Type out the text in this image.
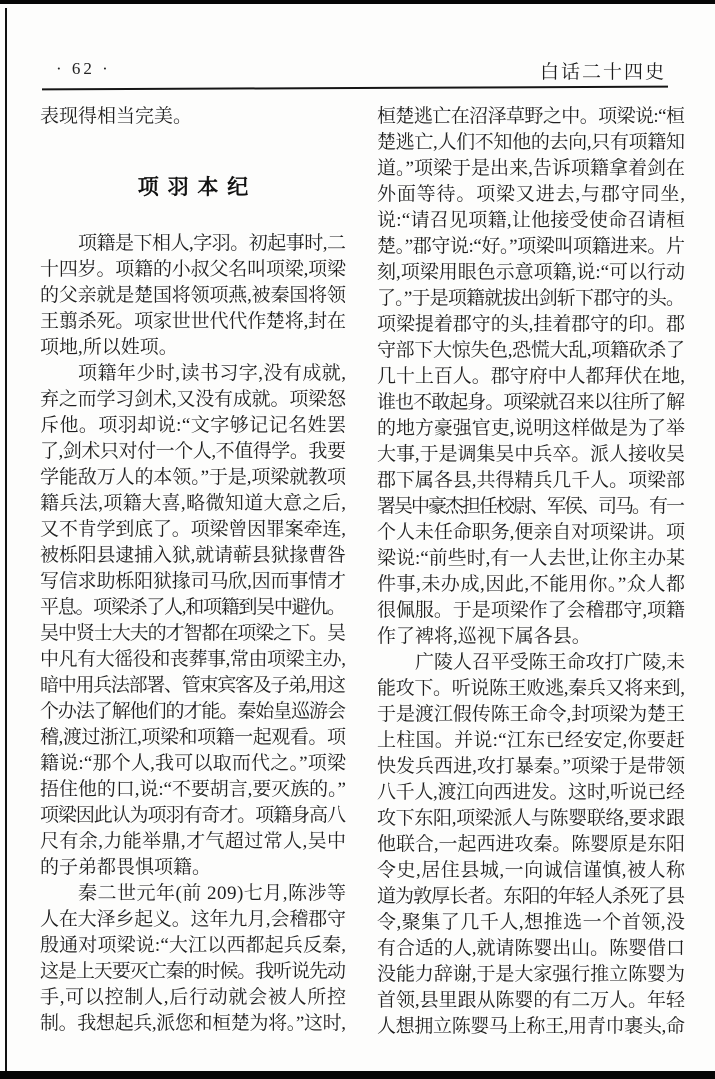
· 62 ·	白话二十四史
表现得相当完美。
项羽本纪
项籍是下相人,字羽。初起事时,二
十四岁。项籍的小叔父名叫项梁,项梁
的父亲就是楚国将领项燕,被秦国将领
王翦杀死。项家世世代代作楚将,封在
项地,所以姓项。
项籍年少时,读书习字,没有成就,
弃之而学习剑术,又没有成就。项梁怒
斥他。项羽却说:“文字够记记名姓罢
了,剑术只对付一个人,不值得学。我要
学能敌万人的本领。”于是,项梁就教项
籍兵法,项籍大喜,略微知道大意之后,
又不肯学到底了。项梁曾因罪案牵连,
被栎阳县逮捕入狱,就请蕲县狱掾曹咎
写信求助栎阳狱掾司马欣,因而事情才
平息。项梁杀了人,和项籍到吴中避仇。
吴中贤士大夫的才智都在项梁之下。吴
中凡有大徭役和丧葬事,常由项梁主办,
暗中用兵法部署、管束宾客及子弟,用这
个办法了解他们的才能。秦始皇巡游会
稽,渡过浙江,项梁和项籍一起观看。项
籍说:“那个人,我可以取而代之。”项梁
捂住他的口,说:“不要胡言,要灭族的。”
项梁因此认为项羽有奇才。项籍身高八
尺有余,力能举鼎,才气超过常人,吴中
的子弟都畏惧项籍。
秦二世元年(前 209)七月,陈涉等
人在大泽乡起义。这年九月,会稽郡守
殷通对项梁说:“大江以西都起兵反秦,
这是上天要灭亡秦的时候。我听说先动
手,可以控制人,后行动就会被人所控
制。我想起兵,派您和桓楚为将。”这时,
桓楚逃亡在沼泽草野之中。项梁说:“桓
楚逃亡,人们不知他的去向,只有项籍知
道。”项梁于是出来,告诉项籍拿着剑在
外面等待。项梁又进去,与郡守同坐,
说:“请召见项籍,让他接受使命召请桓
楚。”郡守说:“好。”项梁叫项籍进来。片
刻,项梁用眼色示意项籍,说:“可以行动
了。”于是项籍就拔出剑斩下郡守的头。
项梁提着郡守的头,挂着郡守的印。郡
守部下大惊失色,恐慌大乱,项籍砍杀了
几十上百人。郡守府中人都拜伏在地,
谁也不敢起身。项梁就召来以往所了解
的地方豪强官吏,说明这样做是为了举
大事,于是调集吴中兵卒。派人接收吴
郡下属各县,共得精兵几千人。项梁部
署吴中豪杰担任校尉、军侯、司马。有一
个人未任命职务,便亲自对项梁讲。项
梁说:“前些时,有一人去世,让你主办某
件事,未办成,因此,不能用你。”众人都
很佩服。于是项梁作了会稽郡守,项籍
作了裨将,巡视下属各县。
广陵人召平受陈王命攻打广陵,未
能攻下。听说陈王败逃,秦兵又将来到,
于是渡江假传陈王命令,封项梁为楚王
上柱国。并说:“江东已经安定,你要赶
快发兵西进,攻打暴秦。”项梁于是带领
八千人,渡江向西进发。这时,听说已经
攻下东阳,项梁派人与陈婴联络,要求跟
他联合,一起西进攻秦。陈婴原是东阳
令史,居住县城,一向诚信谨慎,被人称
道为敦厚长者。东阳的年轻人杀死了县
令,聚集了几千人,想推选一个首领,没
有合适的人,就请陈婴出山。陈婴借口
没能力辞谢,于是大家强行推立陈婴为
首领,县里跟从陈婴的有二万人。年轻
人想拥立陈婴马上称王,用青巾裹头,命
